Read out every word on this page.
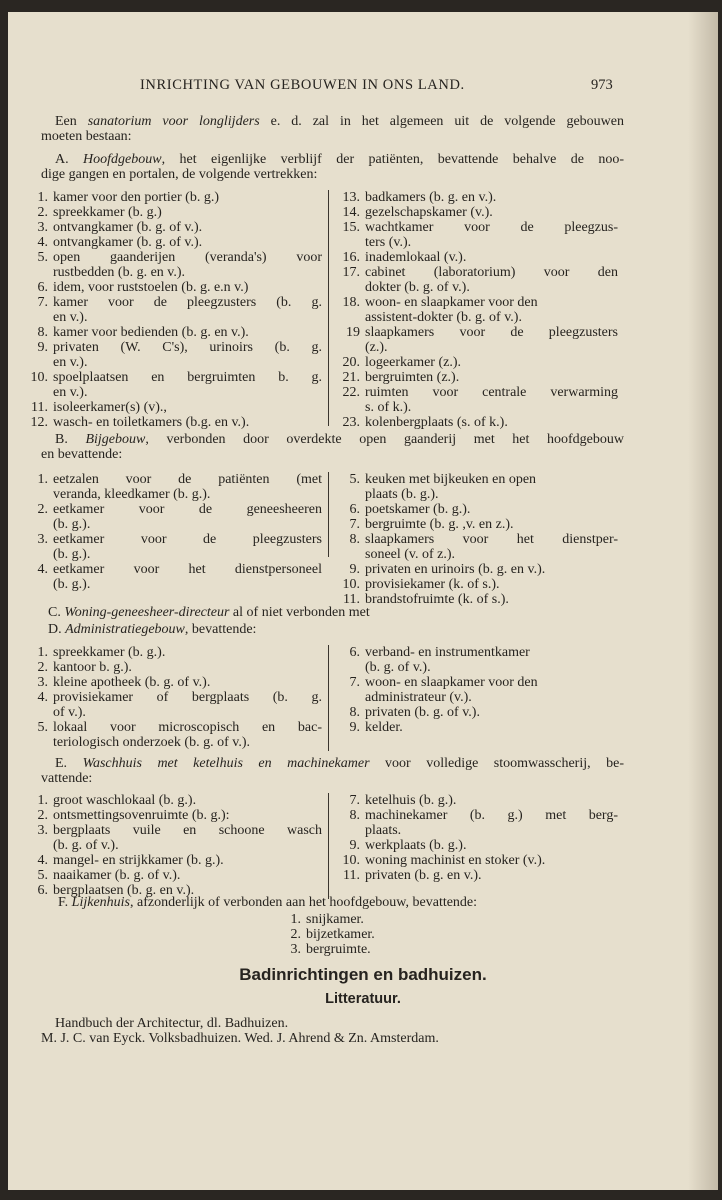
INRICHTING VAN GEBOUWEN IN ONS LAND.	973
Een sanatorium voor longlijders e. d. zal in het algemeen uit de volgende gebouwen
moeten bestaan:
A. Hoofdgebouw, het eigenlijke verblijf der patiënten, bevattende behalve de noo-
dige gangen en portalen, de volgende vertrekken:
1. kamer voor den portier (b. g.)
2. spreekkamer (b. g.)
3. ontvangkamer (b. g. of v.).
4. ontvangkamer (b. g. of v.).
5. open gaanderijen (veranda's) voor
rustbedden (b. g. en v.).
6. idem, voor ruststoelen (b. g. e.n v.)
7. kamer voor de pleegzusters (b. g.
en v.).
8. kamer voor bedienden (b. g. en v.).
9. privaten (W. C's), urinoirs (b. g.
en v.).
10. spoelplaatsen en bergruimten b. g.
en v.).
11. isoleerkamer(s) (v).,
12. wasch- en toiletkamers (b.g. en v.).
13. badkamers (b. g. en v.).
14. gezelschapskamer (v.).
15. wachtkamer voor de pleegzus-
ters (v.).
16. inademlokaal (v.).
17. cabinet (laboratorium) voor den
dokter (b. g. of v.).
18. woon- en slaapkamer voor den
assistent-dokter (b. g. of v.).
19 slaapkamers voor de pleegzusters
(z.).
20. logeerkamer (z.).
21. bergruimten (z.).
22. ruimten voor centrale verwarming
s. of k.).
23. kolenbergplaats (s. of k.).
B. Bijgebouw, verbonden door overdekte open gaanderij met het hoofdgebouw
en bevattende:
1. eetzalen voor de patiënten (met
veranda, kleedkamer (b. g.).
2. eetkamer voor de geneesheeren
(b. g.).
3. eetkamer voor de pleegzusters
(b. g.).
4. eetkamer voor het dienstpersoneel
(b. g.).
5. keuken met bijkeuken en open
plaats (b. g.).
6. poetskamer (b. g.).
7. bergruimte (b. g. ,v. en z.).
8. slaapkamers voor het dienstper-
soneel (v. of z.).
9. privaten en urinoirs (b. g. en v.).
10. provisiekamer (k. of s.).
11. brandstofruimte (k. of s.).
C. Woning-geneesheer-directeur al of niet verbonden met
D. Administratiegebouw, bevattende:
1. spreekkamer (b. g.).
2. kantoor b. g.).
3. kleine apotheek (b. g. of v.).
4. provisiekamer of bergplaats (b. g.
of v.).
5. lokaal voor microscopisch en bac-
teriologisch onderzoek (b. g. of v.).
6. verband- en instrumentkamer
(b. g. of v.).
7. woon- en slaapkamer voor den
administrateur (v.).
8. privaten (b. g. of v.).
9. kelder.
E. Waschhuis met ketelhuis en machinekamer voor volledige stoomwasscherij, be-
vattende:
1. groot waschlokaal (b. g.).
2. ontsmettingsovenruimte (b. g.):
3. bergplaats vuile en schoone wasch
(b. g. of v.).
4. mangel- en strijkkamer (b. g.).
5. naaikamer (b. g. of v.).
6. bergplaatsen (b. g. en v.).
7. ketelhuis (b. g.).
8. machinekamer (b. g.) met berg-
plaats.
9. werkplaats (b. g.).
10. woning machinist en stoker (v.).
11. privaten (b. g. en v.).
F. Lijkenhuis, afzonderlijk of verbonden aan het hoofdgebouw, bevattende:
1. snijkamer.
2. bijzetkamer.
3. bergruimte.
Badinrichtingen en badhuizen.
Litteratuur.
Handbuch der Architectur, dl. Badhuizen.
M. J. C. van Eyck. Volksbadhuizen. Wed. J. Ahrend & Zn. Amsterdam.
